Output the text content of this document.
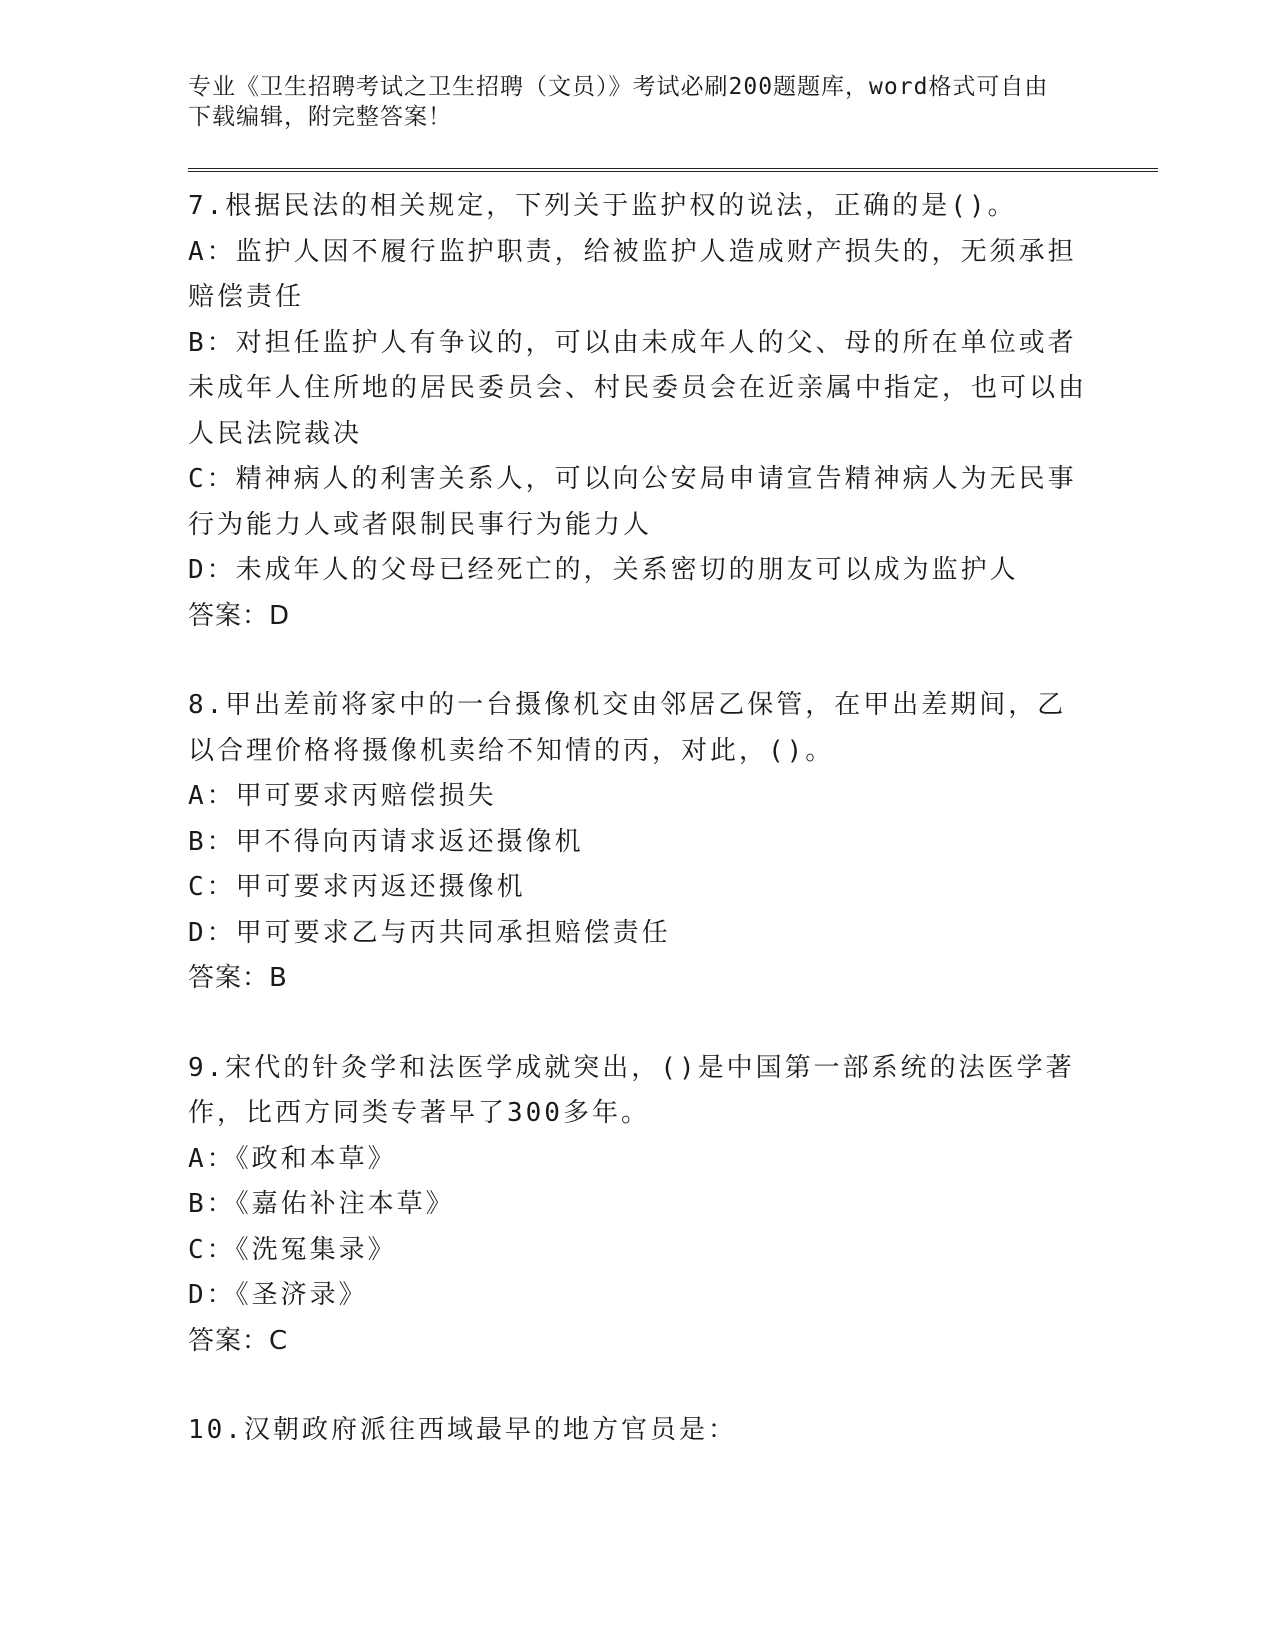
专业《卫生招聘考试之卫生招聘（文员）》考试必刷200题题库，word格式可自由下载编辑，附完整答案！

7.根据民法的相关规定，下列关于监护权的说法，正确的是()。

A：监护人因不履行监护职责，给被监护人造成财产损失的，无须承担赔偿责任

B：对担任监护人有争议的，可以由未成年人的父、母的所在单位或者未成年人住所地的居民委员会、村民委员会在近亲属中指定，也可以由人民法院裁决

C：精神病人的利害关系人，可以向公安局申请宣告精神病人为无民事行为能力人或者限制民事行为能力人

D：未成年人的父母已经死亡的，关系密切的朋友可以成为监护人

答案：D

8.甲出差前将家中的一台摄像机交由邻居乙保管，在甲出差期间，乙以合理价格将摄像机卖给不知情的丙，对此，()。

A：甲可要求丙赔偿损失

B：甲不得向丙请求返还摄像机

C：甲可要求丙返还摄像机

D：甲可要求乙与丙共同承担赔偿责任

答案：B

9.宋代的针灸学和法医学成就突出，()是中国第一部系统的法医学著作，比西方同类专著早了300多年。

A：《政和本草》

B：《嘉佑补注本草》

C：《洗冤集录》

D：《圣济录》

答案：C

10.汉朝政府派往西域最早的地方官员是：
